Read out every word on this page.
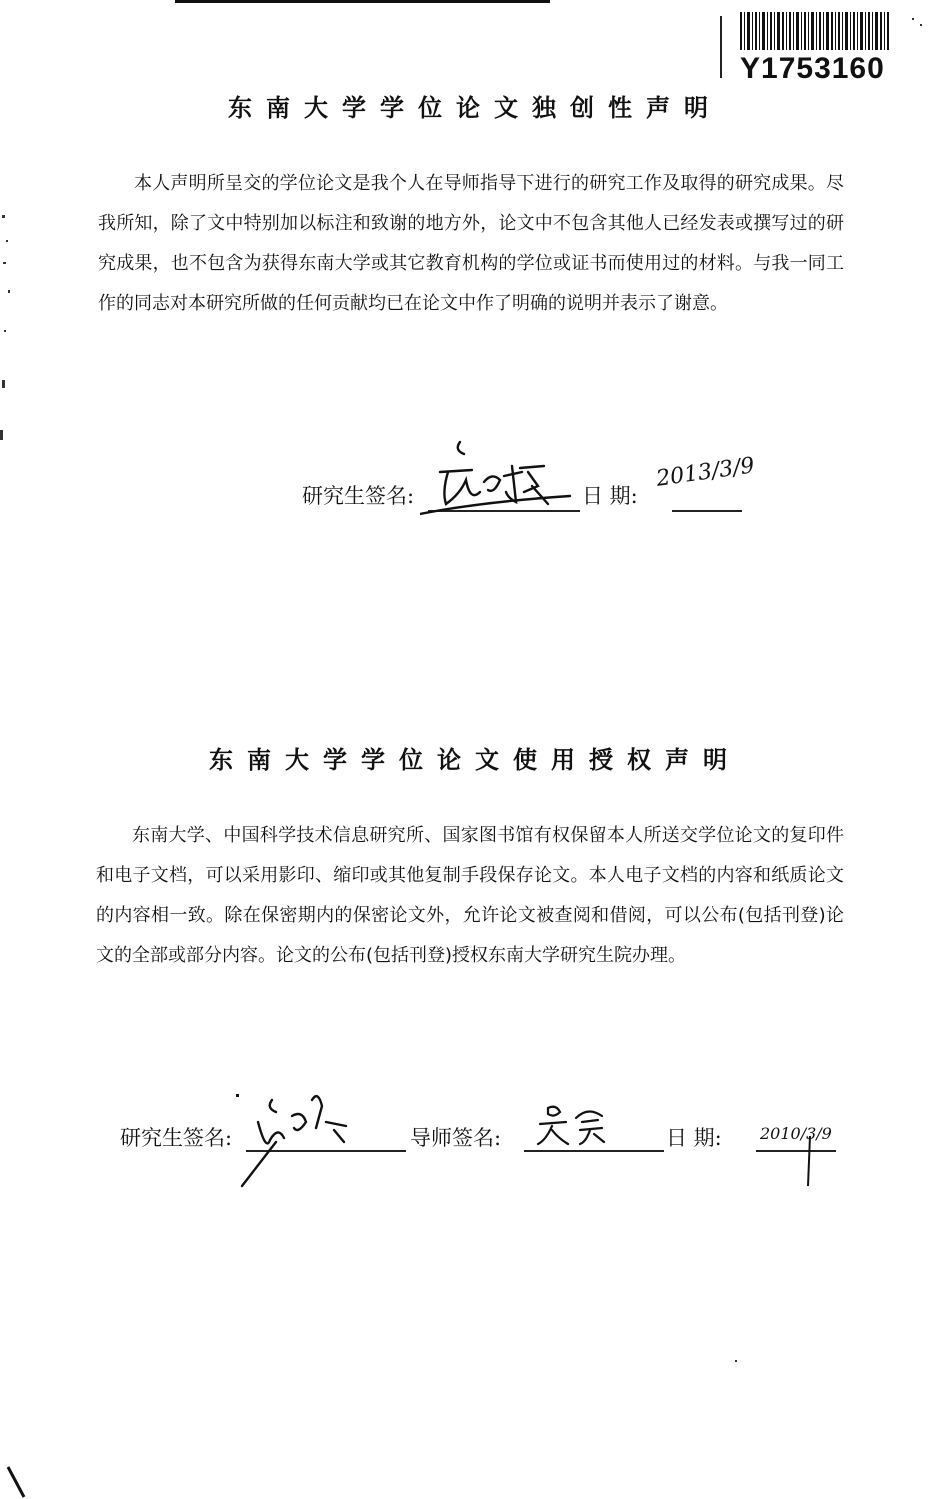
Y1753160
东南大学学位论文独创性声明
本人声明所呈交的学位论文是我个人在导师指导下进行的研究工作及取得的研究成果。尽我所知，除了文中特别加以标注和致谢的地方外，论文中不包含其他人已经发表或撰写过的研究成果，也不包含为获得东南大学或其它教育机构的学位或证书而使用过的材料。与我一同工作的同志对本研究所做的任何贡献均已在论文中作了明确的说明并表示了谢意。
研究生签名:	日 期:
2013/3/9
东南大学学位论文使用授权声明
东南大学、中国科学技术信息研究所、国家图书馆有权保留本人所送交学位论文的复印件和电子文档，可以采用影印、缩印或其他复制手段保存论文。本人电子文档的内容和纸质论文的内容相一致。除在保密期内的保密论文外，允许论文被查阅和借阅，可以公布(包括刊登)论文的全部或部分内容。论文的公布(包括刊登)授权东南大学研究生院办理。
研究生签名:	导师签名:	日 期: 2010/3/9
